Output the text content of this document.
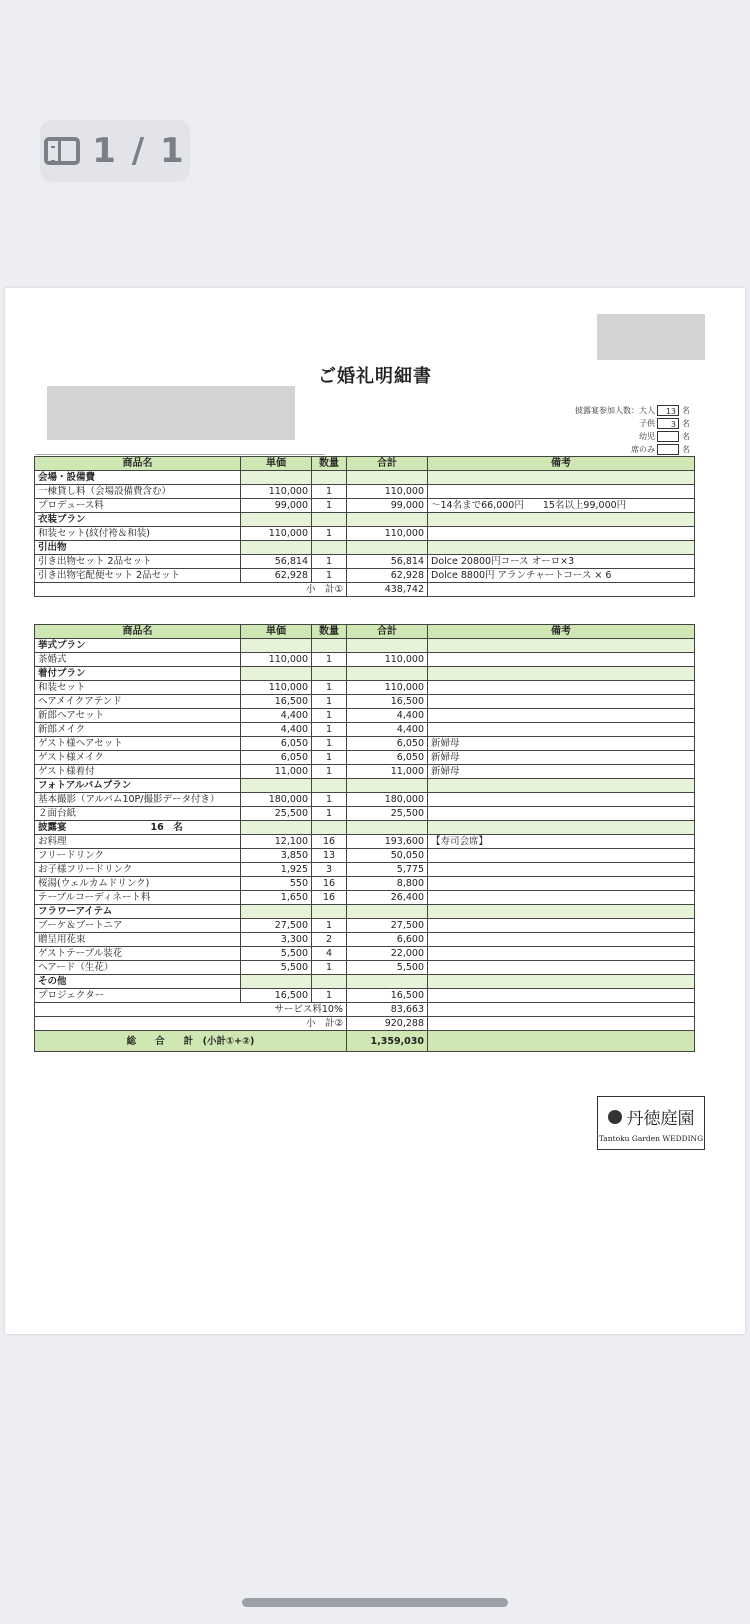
1 / 1
ご婚礼明細書
披露宴参加人数：大人	13 名
子供	3 名
幼児	名
席のみ	名
商品名	単価	数量	合計	備考
会場・設備費				
一棟貸し料（会場設備費含む）	110,000	1	110,000	
プロデュース料	99,000	1	99,000	～14名まで66,000円　　15名以上99,000円
衣装プラン				
和装セット(紋付袴＆和装)	110,000	1	110,000	
引出物				
引き出物セット 2品セット	56,814	1	56,814	Dolce 20800円コース オーロ×3
引き出物宅配便セット 2品セット	62,928	1	62,928	Dolce 8800円 アランチャートコース × 6
小　計①			438,742	
商品名	単価	数量	合計	備考
挙式プラン				
茶婚式	110,000	1	110,000	
着付プラン				
和装セット	110,000	1	110,000	
ヘアメイクアテンド	16,500	1	16,500	
新郎ヘアセット	4,400	1	4,400	
新郎メイク	4,400	1	4,400	
ゲスト様ヘアセット	6,050	1	6,050	新婦母
ゲスト様メイク	6,050	1	6,050	新婦母
ゲスト様着付	11,000	1	11,000	新婦母
フォトアルバムプラン				
基本撮影（アルバム10P/撮影データ付き）	180,000	1	180,000	
２面台紙	25,500	1	25,500	
披露宴 16　名				
お料理	12,100	16	193,600	【寿司会席】
フリードリンク	3,850	13	50,050	
お子様フリードリンク	1,925	3	5,775	
桜湯(ウェルカムドリンク)	550	16	8,800	
テーブルコーディネート料	1,650	16	26,400	
フラワーアイテム				
ブーケ＆ブートニア	27,500	1	27,500	
贈呈用花束	3,300	2	6,600	
ゲストテーブル装花	5,500	4	22,000	
ヘアード（生花）	5,500	1	5,500	
その他				
プロジェクター	16,500	1	16,500	
サービス料10%			83,663	
小　計②			920,288	
総　　合　　計　(小計①+②)			1,359,030	
丹徳庭園
Tantoku Garden WEDDING
